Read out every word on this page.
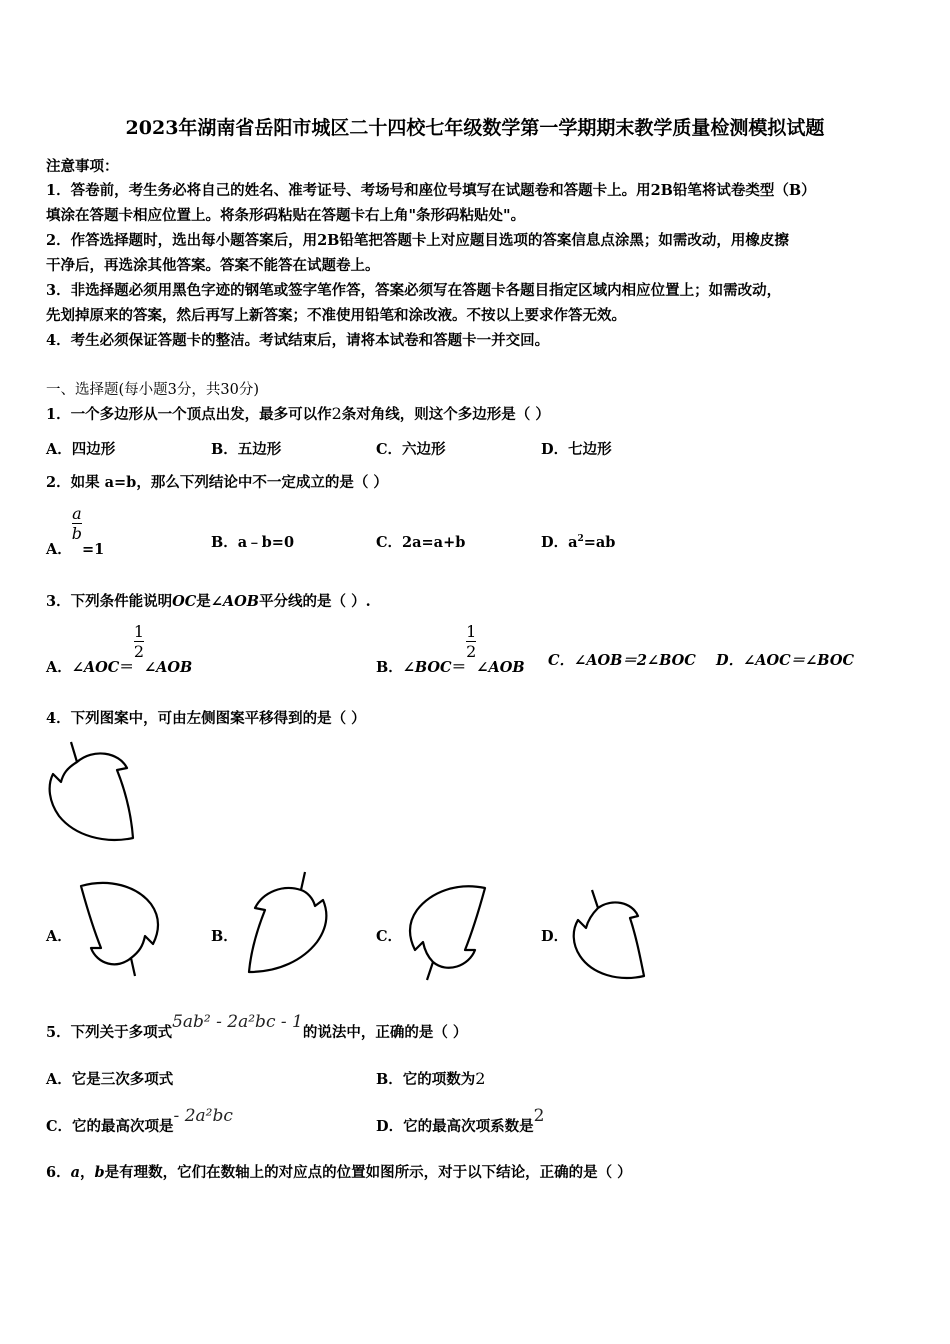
2023年湖南省岳阳市城区二十四校七年级数学第一学期期末教学质量检测模拟试题
注意事项：
1．答卷前，考生务必将自己的姓名、准考证号、考场号和座位号填写在试题卷和答题卡上。用2B铅笔将试卷类型（B）
填涂在答题卡相应位置上。将条形码粘贴在答题卡右上角"条形码粘贴处"。
2．作答选择题时，选出每小题答案后，用2B铅笔把答题卡上对应题目选项的答案信息点涂黑；如需改动，用橡皮擦
干净后，再选涂其他答案。答案不能答在试题卷上。
3．非选择题必须用黑色字迹的钢笔或签字笔作答，答案必须写在答题卡各题目指定区域内相应位置上；如需改动，
先划掉原来的答案，然后再写上新答案；不准使用铅笔和涂改液。不按以上要求作答无效。
4．考生必须保证答题卡的整洁。考试结束后，请将本试卷和答题卡一并交回。
一、选择题(每小题3分，共30分)
1．一个多边形从一个顶点出发，最多可以作2条对角线，则这个多边形是（ ）
A．四边形	B．五边形	C．六边形	D．七边形
2．如果 a=b，那么下列结论中不一定成立的是（ ）
A．
$\frac{a}{b}$
=1	B．a﹣b=0	C．2a=a+b	D．$a^2=ab$
3．下列条件能说明OC是∠AOB平分线的是（ ）.
A．∠AOC＝
$\frac{1}{2}$
∠AOB	B．∠BOC＝
$\frac{1}{2}$
∠AOB C．∠AOB＝2∠BOC D．∠AOC＝∠BOC
4．下列图案中，可由左侧图案平移得到的是（ ）
A．	B．	C．	D．
5．下列关于多项式5ab² - 2a²bc - 1的说法中，正确的是（ ）
A．它是三次多项式	B．它的项数为2
C．它的最高次项是- 2a²bc
D．它的最高次项系数是2
6．a，b是有理数，它们在数轴上的对应点的位置如图所示，对于以下结论，正确的是（ ）
